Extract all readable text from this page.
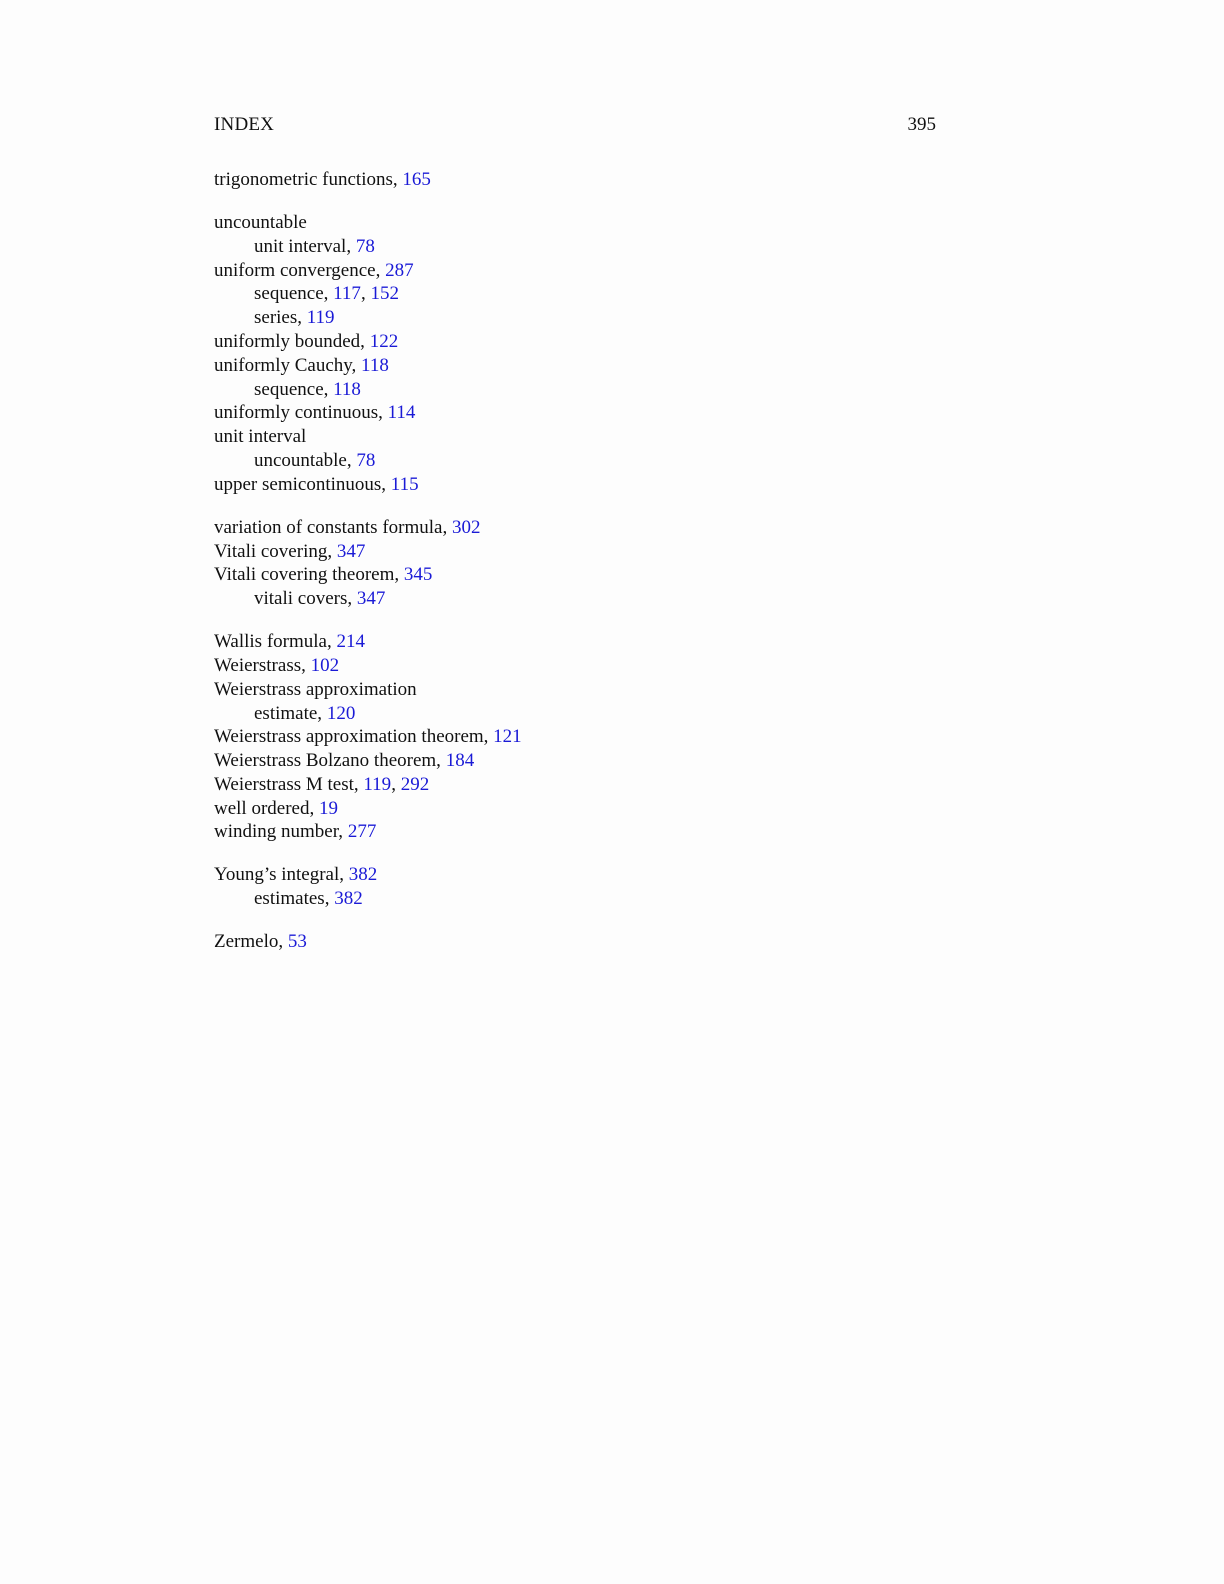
INDEX	395
trigonometric functions, 165
uncountable
unit interval, 78
uniform convergence, 287
sequence, 117, 152
series, 119
uniformly bounded, 122
uniformly Cauchy, 118
sequence, 118
uniformly continuous, 114
unit interval
uncountable, 78
upper semicontinuous, 115
variation of constants formula, 302
Vitali covering, 347
Vitali covering theorem, 345
vitali covers, 347
Wallis formula, 214
Weierstrass, 102
Weierstrass approximation
estimate, 120
Weierstrass approximation theorem, 121
Weierstrass Bolzano theorem, 184
Weierstrass M test, 119, 292
well ordered, 19
winding number, 277
Young’s integral, 382
estimates, 382
Zermelo, 53
